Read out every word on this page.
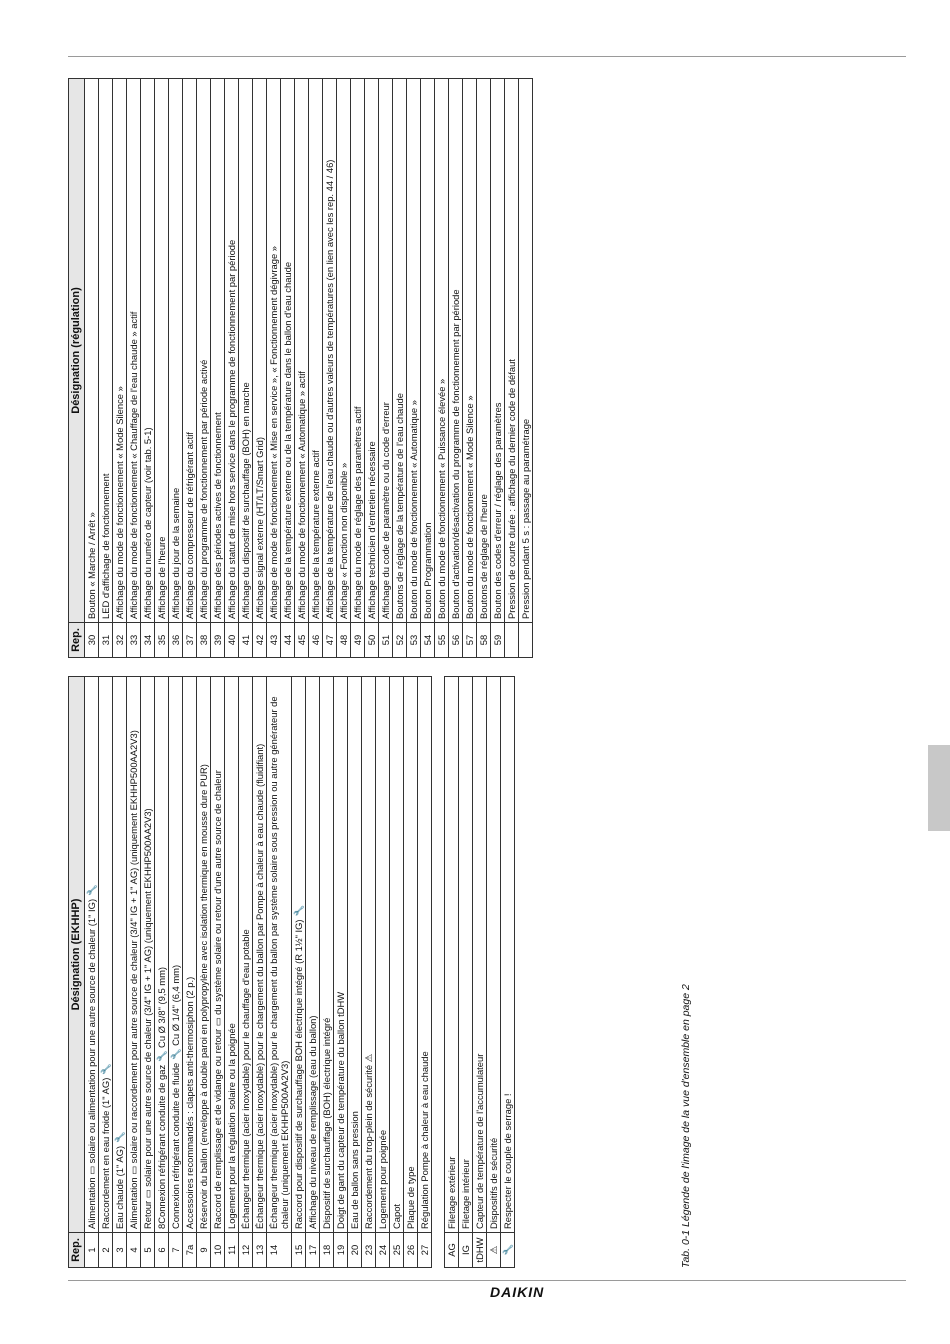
Rep.	Désignation (EKHHP)
1	Alimentation ▭ solaire ou alimentation pour une autre source de chaleur (1" IG) 🔧
2	Raccordement en eau froide (1" AG) 🔧
3	Eau chaude (1" AG) 🔧
4	Alimentation ▭ solaire ou raccordement pour autre source de chaleur (3/4" IG + 1" AG) (uniquement EKHHP500AA2V3)
5	Retour ▭ solaire pour une autre source de chaleur (3/4" IG + 1" AG) (uniquement EKHHP500AA2V3)
6	8Connexion réfrigérant conduite de gaz 🔧 Cu Ø 3/8" (9,5 mm)
7	Connexion réfrigérant conduite de fluide 🔧 Cu Ø 1/4" (6,4 mm)
7a	Accessoires recommandés : clapets anti-thermosiphon (2 p.)
9	Réservoir du ballon (enveloppe à double paroi en polypropylène avec isolation thermique en mousse dure PUR)
10	Raccord de remplissage et de vidange ou retour ▭ du système solaire ou retour d'une autre source de chaleur
11	Logement pour la régulation solaire ou la poignée
12	Échangeur thermique (acier inoxydable) pour le chauffage d'eau potable
13	Échangeur thermique (acier inoxydable) pour le chargement du ballon par Pompe à chaleur à eau chaude (fluidifiant)
14	Échangeur thermique (acier inoxydable) pour le chargement du ballon par système solaire sous pression ou autre générateur de chaleur (uniquement EKHHP500AA2V3)
15	Raccord pour dispositif de surchauffage BOH électrique intégré (R 1½" IG) 🔧
17	Affichage du niveau de remplissage (eau du ballon)
18	Dispositif de surchauffage (BOH) électrique intégré
19	Doigt de gant du capteur de température du ballon tDHW
20	Eau de ballon sans pression
23	Raccordement du trop-plein de sécurité ⚠
24	Logement pour poignée
25	Capot
26	Plaque de type
27	Régulation Pompe à chaleur à eau chaude

AG	Filetage extérieur
IG	Filetage intérieur
tDHW	Capteur de température de l'accumulateur
⚠	Dispositifs de sécurité
🔧	Respecter le couple de serrage !
Rep.	Désignation (régulation)
30	Bouton « Marche / Arrêt »
31	LED d'affichage de fonctionnement
32	Affichage du mode de fonctionnement « Mode Silence »
33	Affichage du mode de fonctionnement « Chauffage de l'eau chaude » actif
34	Affichage du numéro de capteur (voir tab. 5-1)
35	Affichage de l'heure
36	Affichage du jour de la semaine
37	Affichage du compresseur de réfrigérant actif
38	Affichage du programme de fonctionnement par période activé
39	Affichage des périodes actives de fonctionnement
40	Affichage du statut de mise hors service dans le programme de fonctionnement par période
41	Affichage du dispositif de surchauffage (BOH) en marche
42	Affichage signal externe (HT/LT/Smart Grid)
43	Affichage de mode de fonctionnement « Mise en service », « Fonctionnement dégivrage »
44	Affichage de la température externe ou de la température dans le ballon d'eau chaude
45	Affichage du mode de fonctionnement « Automatique » actif
46	Affichage de la température externe actif
47	Affichage de la température de l'eau chaude ou d'autres valeurs de températures (en lien avec les rep. 44 / 46)
48	Affichage « Fonction non disponible »
49	Affichage du mode de réglage des paramètres actif
50	Affichage technicien d'entretien nécessaire
51	Affichage du code de paramètre ou du code d'erreur
52	Boutons de réglage de la température de l'eau chaude
53	Bouton du mode de fonctionnement « Automatique »
54	Bouton Programmation
55	Bouton du mode de fonctionnement « Puissance élevée »
56	Bouton d'activation/désactivation du programme de fonctionnement par période
57	Bouton du mode de fonctionnement « Mode Silence »
58	Boutons de réglage de l'heure
59	Bouton des codes d'erreur / réglage des paramètres
	Pression de courte durée : affichage du dernier code de défaut
	Pression pendant 5 s : passage au paramétrage
Tab. 0-1 Légende de l'image de la vue d'ensemble en page 2
DAIKIN
